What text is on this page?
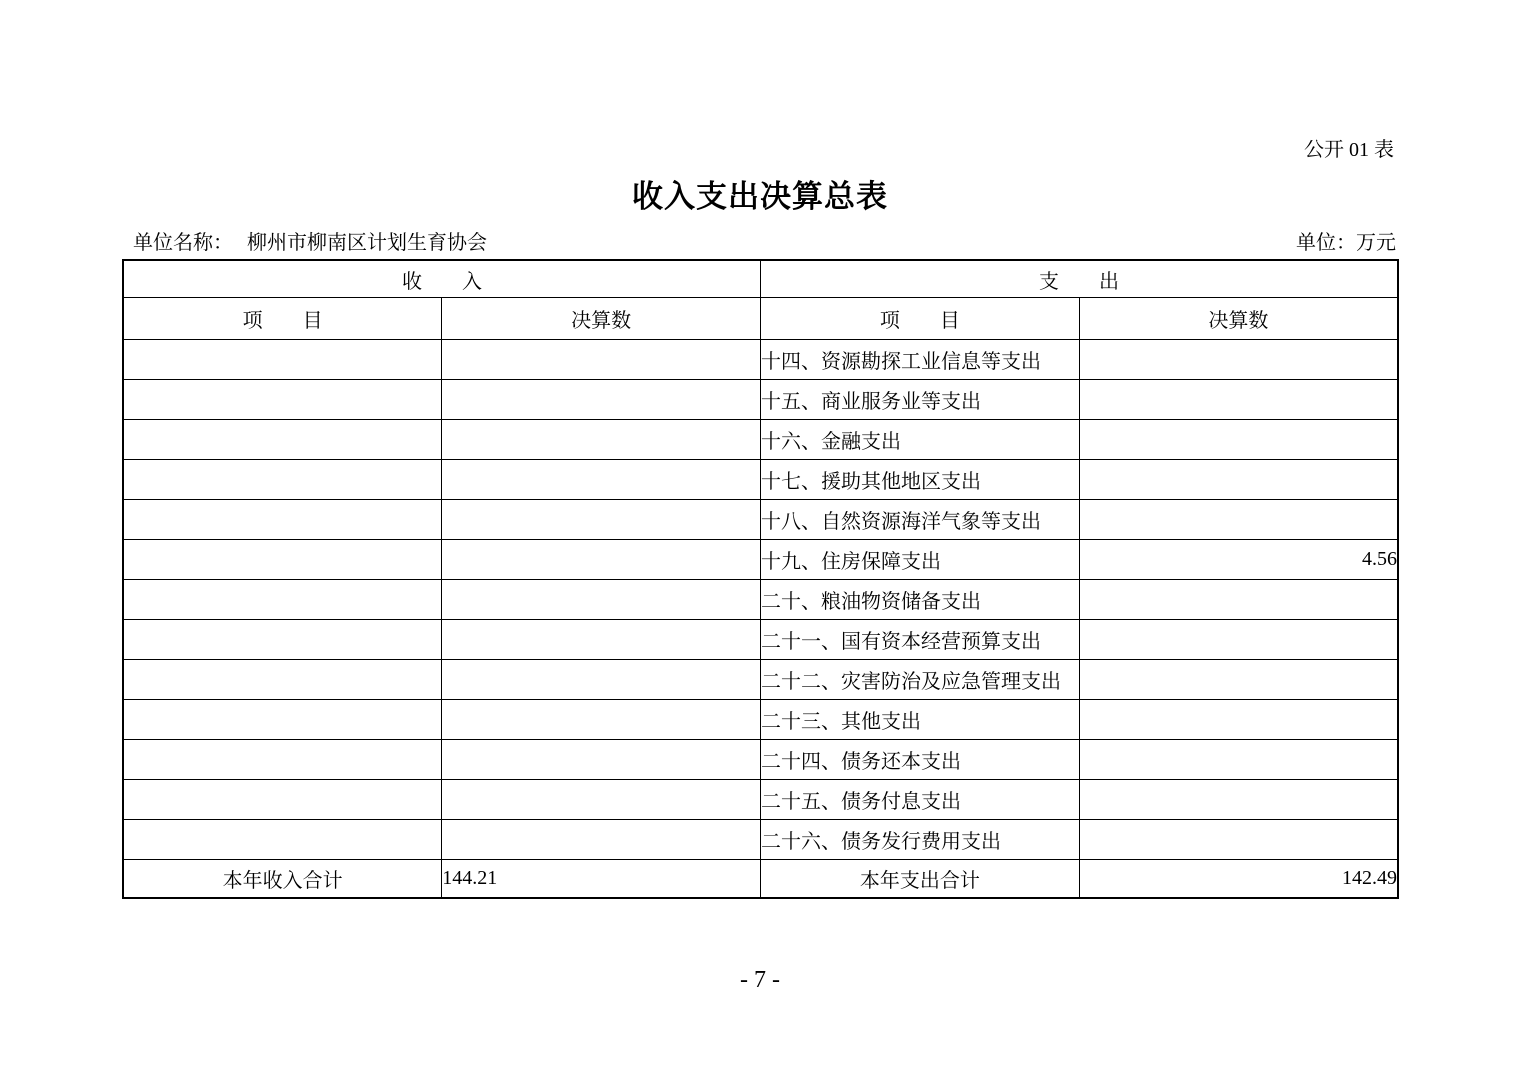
公开 01 表
收入支出决算总表
单位名称： 柳州市柳南区计划生育协会	单位：万元
收　　入		支　　出	
项　　目	决算数	项　　目	决算数
		十四、资源勘探工业信息等支出	
		十五、商业服务业等支出	
		十六、金融支出	
		十七、援助其他地区支出	
		十八、自然资源海洋气象等支出	
		十九、住房保障支出	4.56
		二十、粮油物资储备支出	
		二十一、国有资本经营预算支出	
		二十二、灾害防治及应急管理支出	
		二十三、其他支出	
		二十四、债务还本支出	
		二十五、债务付息支出	
		二十六、债务发行费用支出	
本年收入合计	144.21	本年支出合计	142.49
- 7 -
